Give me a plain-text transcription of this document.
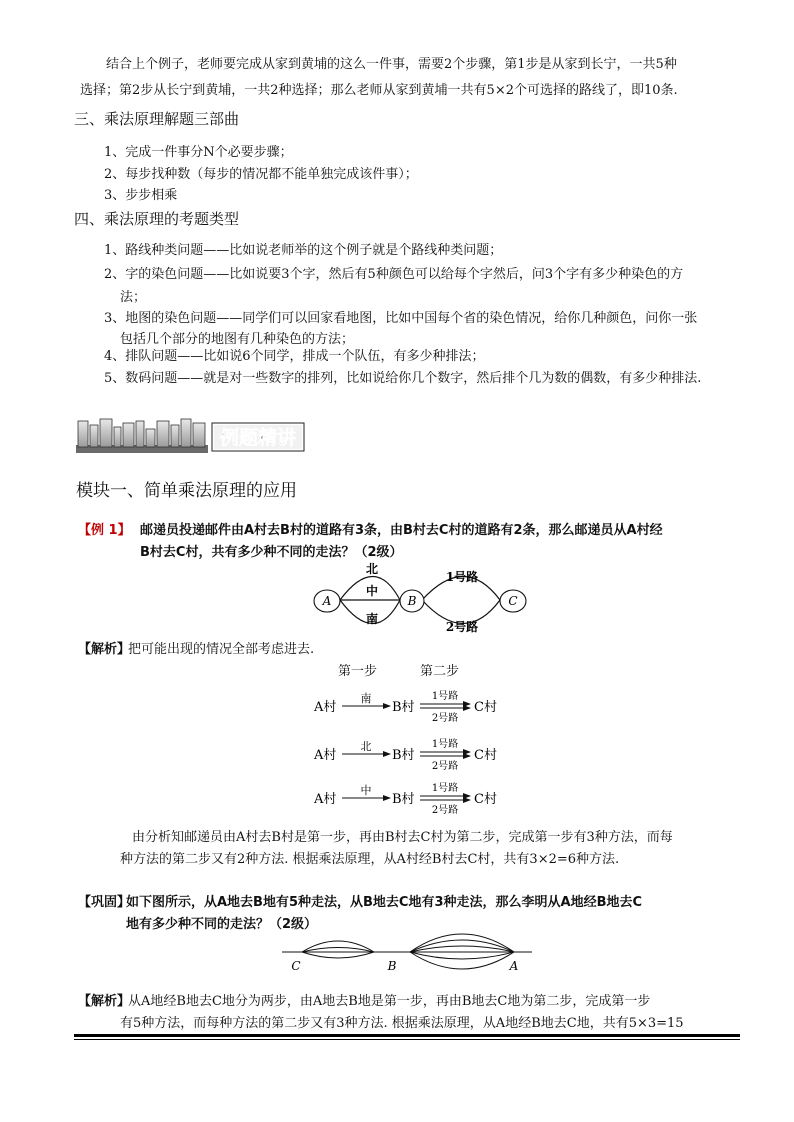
结合上个例子，老师要完成从家到黄埔的这么一件事，需要2个步骤，第1步是从家到长宁，一共5种
选择；第2步从长宁到黄埔，一共2种选择；那么老师从家到黄埔一共有5×2个可选择的路线了，即10条.
三、乘法原理解题三部曲
1、完成一件事分N个必要步骤；
2、每步找种数（每步的情况都不能单独完成该件事）；
3、步步相乘
四、乘法原理的考题类型
1、路线种类问题——比如说老师举的这个例子就是个路线种类问题；
2、字的染色问题——比如说要3个字，然后有5种颜色可以给每个字然后，问3个字有多少种染色的方
法；
3、地图的染色问题——同学们可以回家看地图，比如中国每个省的染色情况，给你几种颜色，问你一张
包括几个部分的地图有几种染色的方法；
4、排队问题——比如说6个同学，排成一个队伍，有多少种排法；
5、数码问题——就是对一些数字的排列，比如说给你几个数字，然后排个几为数的偶数，有多少种排法.
例题精讲
模块一、简单乘法原理的应用
【例 1】 邮递员投递邮件由A村去B村的道路有3条，由B村去C村的道路有2条，那么邮递员从A村经
B村去C村，共有多少种不同的走法？（2级）
A	B	C
北
中
南
1号路
2号路
【解析】
把可能出现的情况全部考虑进去.
第一步	第二步
A村
南
B村
1号路
2号路
C村
A村
北
B村
1号路
2号路
C村
A村
中
B村
1号路
2号路
C村
由分析知邮递员由A村去B村是第一步，再由B村去C村为第二步，完成第一步有3种方法，而每
种方法的第二步又有2种方法. 根据乘法原理，从A村经B村去C村，共有3×2=6种方法.
【巩固】
如下图所示，从A地去B地有5种走法，从B地去C地有3种走法，那么李明从A地经B地去C
地有多少种不同的走法？（2级）
C	B	A
【解析】
从A地经B地去C地分为两步，由A地去B地是第一步，再由B地去C地为第二步，完成第一步
有5种方法，而每种方法的第二步又有3种方法. 根据乘法原理，从A地经B地去C地，共有5×3=15
